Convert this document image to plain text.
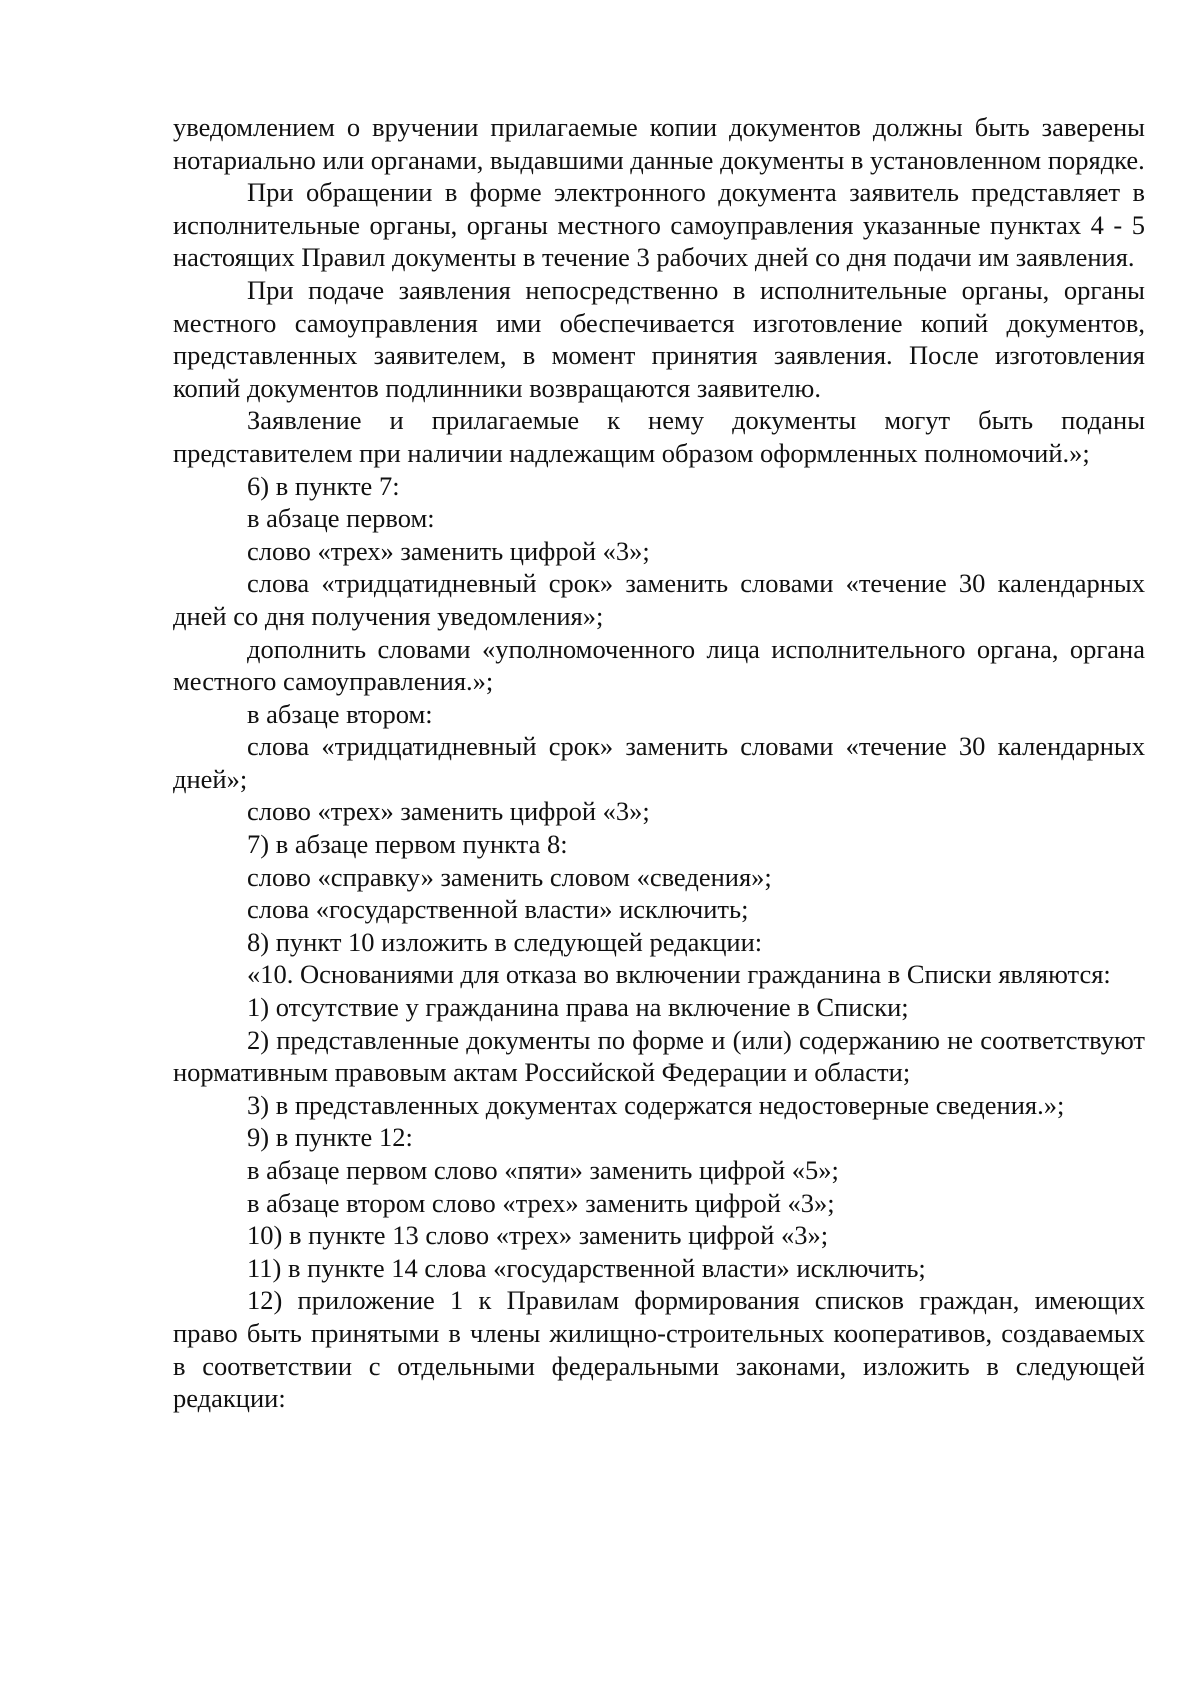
уведомлением о вручении прилагаемые копии документов должны быть заверены нотариально или органами, выдавшими данные документы в установленном порядке.

При обращении в форме электронного документа заявитель представляет в исполнительные органы, органы местного самоуправления указанные пунктах 4 - 5 настоящих Правил документы в течение 3 рабочих дней со дня подачи им заявления.

При подаче заявления непосредственно в исполнительные органы, органы местного самоуправления ими обеспечивается изготовление копий документов, представленных заявителем, в момент принятия заявления. После изготовления копий документов подлинники возвращаются заявителю.

Заявление и прилагаемые к нему документы могут быть поданы представителем при наличии надлежащим образом оформленных полномочий.»;

6) в пункте 7:

в абзаце первом:

слово «трех» заменить цифрой «3»;

слова «тридцатидневный срок» заменить словами «течение 30 календарных дней со дня получения уведомления»;

дополнить словами «уполномоченного лица исполнительного органа, органа местного самоуправления.»;

в абзаце втором:

слова «тридцатидневный срок» заменить словами «течение 30 календарных дней»;

слово «трех» заменить цифрой «3»;

7) в абзаце первом пункта 8:

слово «справку» заменить словом «сведения»;

слова «государственной власти» исключить;

8) пункт 10 изложить в следующей редакции:

«10. Основаниями для отказа во включении гражданина в Списки являются:

1) отсутствие у гражданина права на включение в Списки;

2) представленные документы по форме и (или) содержанию не соответствуют нормативным правовым актам Российской Федерации и области;

3) в представленных документах содержатся недостоверные сведения.»;

9) в пункте 12:

в абзаце первом слово «пяти» заменить цифрой «5»;

в абзаце втором слово «трех» заменить цифрой «3»;

10) в пункте 13 слово «трех» заменить цифрой «3»;

11) в пункте 14 слова «государственной власти» исключить;

12) приложение 1 к Правилам формирования списков граждан, имеющих право быть принятыми в члены жилищно-строительных кооперативов, создаваемых в соответствии с отдельными федеральными законами, изложить в следующей редакции:
